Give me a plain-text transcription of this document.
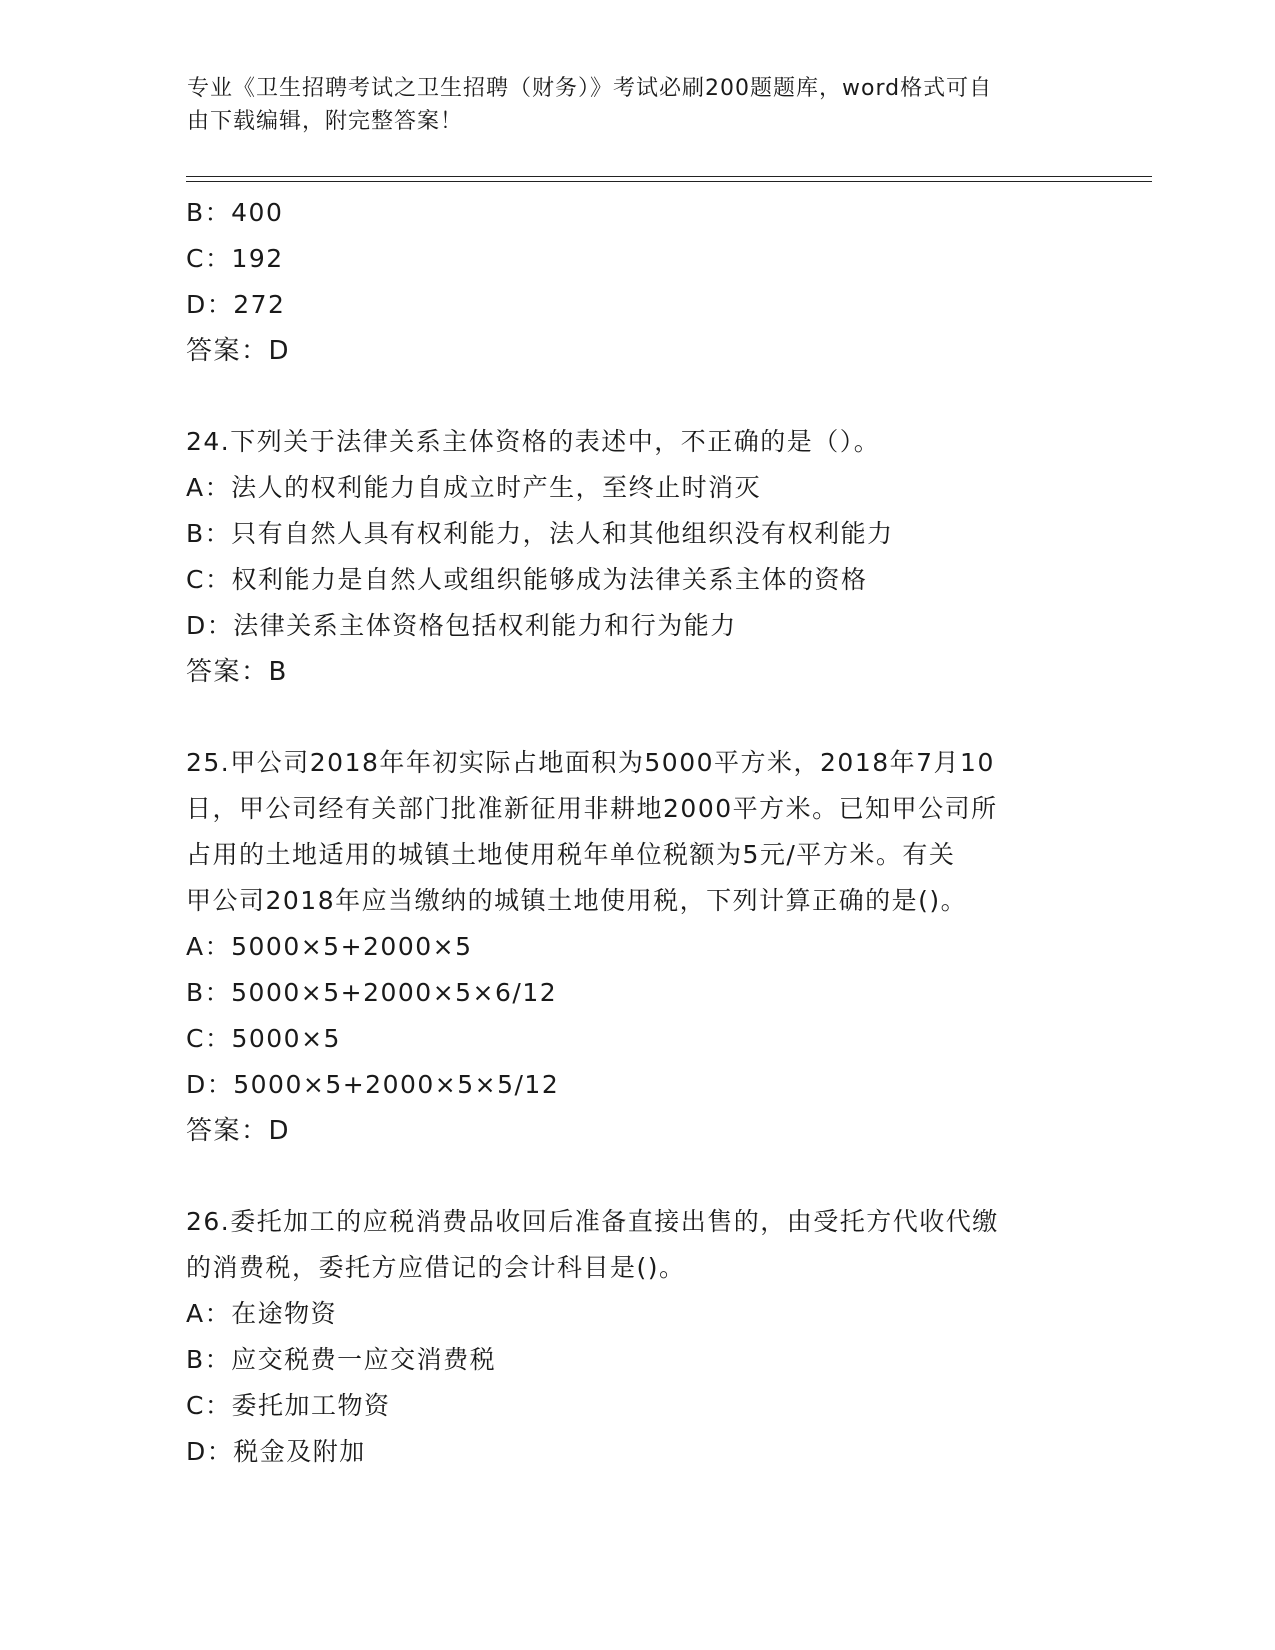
专业《卫生招聘考试之卫生招聘（财务）》考试必刷200题题库，word格式可自
由下载编辑，附完整答案！
B：400
C：192
D：272
答案：D
24.下列关于法律关系主体资格的表述中，不正确的是（）。
A：法人的权利能力自成立时产生，至终止时消灭
B：只有自然人具有权利能力，法人和其他组织没有权利能力
C：权利能力是自然人或组织能够成为法律关系主体的资格
D：法律关系主体资格包括权利能力和行为能力
答案：B
25.甲公司2018年年初实际占地面积为5000平方米，2018年7月10
日，甲公司经有关部门批准新征用非耕地2000平方米。已知甲公司所
占用的土地适用的城镇土地使用税年单位税额为5元/平方米。有关
甲公司2018年应当缴纳的城镇土地使用税，下列计算正确的是()。
A：5000×5+2000×5
B：5000×5+2000×5×6/12
C：5000×5
D：5000×5+2000×5×5/12
答案：D
26.委托加工的应税消费品收回后准备直接出售的，由受托方代收代缴
的消费税，委托方应借记的会计科目是()。
A：在途物资
B：应交税费一应交消费税
C：委托加工物资
D：税金及附加
